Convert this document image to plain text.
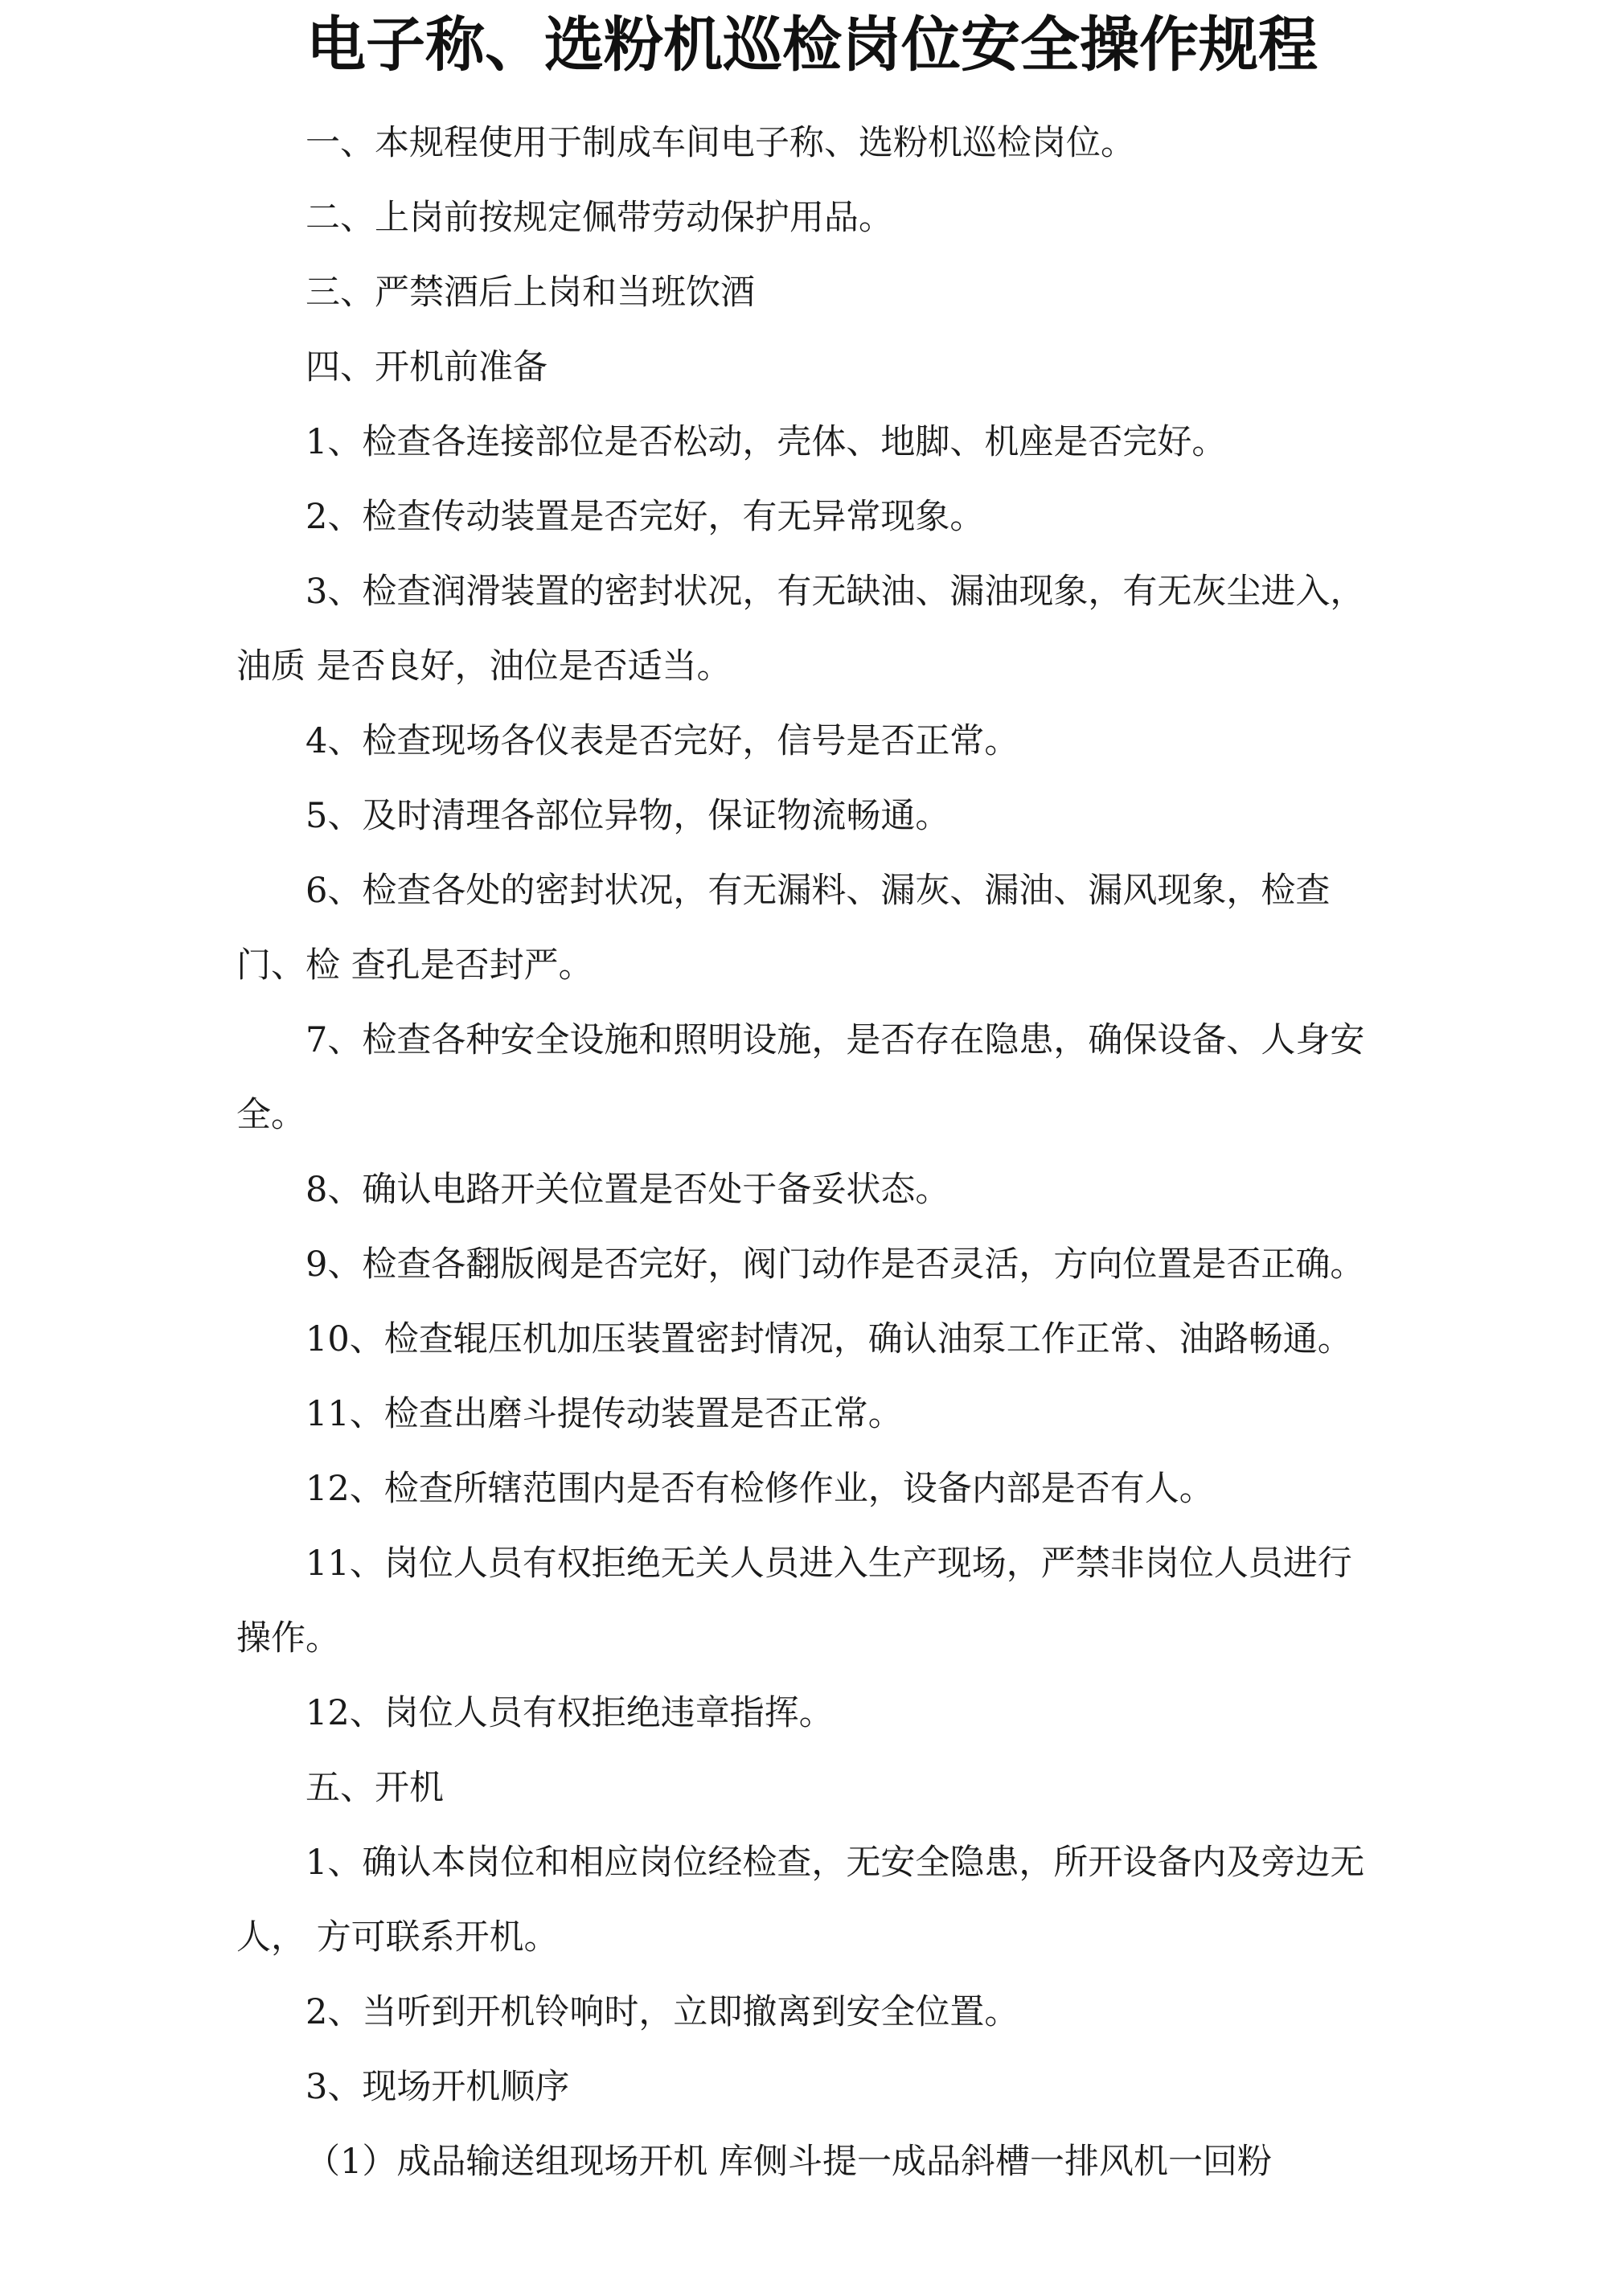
电子称、选粉机巡检岗位安全操作规程

一、本规程使用于制成车间电子称、选粉机巡检岗位。

二、上岗前按规定佩带劳动保护用品。

三、严禁酒后上岗和当班饮酒

四、开机前准备

1、检查各连接部位是否松动，壳体、地脚、机座是否完好。

2、检查传动装置是否完好，有无异常现象。

3、检查润滑装置的密封状况，有无缺油、漏油现象，有无灰尘进入，油质 是否良好，油位是否适当。

4、检查现场各仪表是否完好，信号是否正常。

5、及时清理各部位异物，保证物流畅通。

6、检查各处的密封状况，有无漏料、漏灰、漏油、漏风现象，检查门、检 查孔是否封严。

7、检查各种安全设施和照明设施，是否存在隐患，确保设备、人身安全。

8、确认电路开关位置是否处于备妥状态。

9、检查各翻版阀是否完好，阀门动作是否灵活，方向位置是否正确。

10、检查辊压机加压装置密封情况，确认油泵工作正常、油路畅通。

11、检查出磨斗提传动装置是否正常。

12、检查所辖范围内是否有检修作业，设备内部是否有人。

11、岗位人员有权拒绝无关人员进入生产现场，严禁非岗位人员进行操作。

12、岗位人员有权拒绝违章指挥。

五、开机

1、确认本岗位和相应岗位经检查，无安全隐患，所开设备内及旁边无人， 方可联系开机。

2、当听到开机铃响时，立即撤离到安全位置。

3、现场开机顺序

（1）成品输送组现场开机 库侧斗提一成品斜槽一排风机一回粉
